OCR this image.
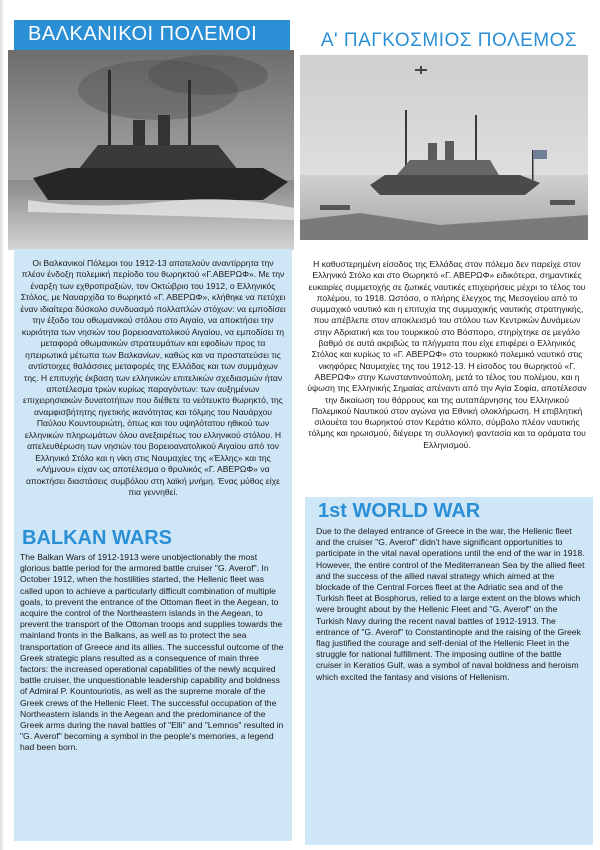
ΒΑΛΚΑΝΙΚΟΙ ΠΟΛΕΜΟΙ	Α' ΠΑΓΚΟΣΜΙΟΣ ΠΟΛΕΜΟΣ
Οι Βαλκανικοί Πόλεμοι του 1912-13 αποτελούν αναντίρρητα την πλέον ένδοξη πολεμική περίοδο του θωρηκτού «Γ.ΑΒΕΡΩΦ». Με την έναρξη των εχθροπραξιών, τον Οκτώβριο του 1912, ο Ελληνικός Στόλος, με Ναυαρχίδα το θωρηκτό «Γ. ΑΒΕΡΩΦ», κλήθηκε να πετύχει έναν ιδιαίτερα δύσκολο συνδυασμό πολλαπλών στόχων: να εμποδίσει την έξοδο του οθωμανικού στόλου στο Αιγαίο, να αποκτήσει την κυριότητα των νησιών του βορειοανατολικού Αιγαίου, να εμποδίσει τη μεταφορά οθωμανικών στρατευμάτων και εφοδίων προς τα ηπειρωτικά μέτωπα των Βαλκανίων, καθώς και να προστατεύσει τις αντίστοιχες θαλάσσιες μεταφορές της Ελλάδας και των συμμάχων της. Η επιτυχής έκβαση των ελληνικών επιτελικών σχεδιασμών ήταν αποτέλεσμα τριών κυρίως παραγόντων: των αυξημένων επιχειρησιακών δυνατοτήτων που διέθετε το νεότευκτο θωρηκτό, της αναμφισβήτητης ηγετικής ικανότητας και τόλμης του Ναυάρχου Παύλου Κουντουριώτη, όπως και του υψηλότατου ηθικού των ελληνικών πληρωμάτων όλου ανεξαιρέτως του ελληνικού στόλου. Η απελευθέρωση των νησιών του βορειοανατολικού Αιγαίου από τον Ελληνικό Στόλο και η νίκη στις Ναυμαχίες της «Έλλης» και της «Λήμνου» είχαν ως αποτέλεσμα ο θρυλικός «Γ. ΑΒΕΡΩΦ» να αποκτήσει διαστάσεις συμβόλου στη λαϊκή μνήμη. Ένας μύθος είχε πια γεννηθεί.
BALKAN WARS
The Balkan Wars of 1912-1913 were unobjectionably the most glorious battle period for the armored battle cruiser "G. Averof". In October 1912, when the hostilities started, the Hellenic fleet was called upon to achieve a particularly difficult combination of multiple goals, to prevent the entrance of the Ottoman fleet in the Aegean, to acquire the control of the Northeastern islands in the Aegean, to prevent the transport of the Ottoman troops and supplies towards the mainland fronts in the Balkans, as well as to protect the sea transportation of Greece and its allies. The successful outcome of the Greek strategic plans resulted as a consequence of main three factors: the increased operational capabilities of the newly acquired battle cruiser, the unquestionable leadership capability and boldness of Admiral P. Kountouriotis, as well as the supreme morale of the Greek crews of the Hellenic Fleet. The successful occupation of the Northeastern islands in the Aegean and the predominance of the Greek arms during the naval battles of "Elli" and "Lemnos" resulted in "G. Averof" becoming a symbol in the people's memories, a legend had been born.
Η καθυστερημένη είσοδος της Ελλάδας στον πόλεμο δεν παρείχε στον Ελληνικό Στόλο και στο Θωρηκτό «Γ. ΑΒΕΡΩΦ» ειδικότερα, σημαντικές ευκαιρίες συμμετοχής σε ζωτικές ναυτικές επιχειρήσεις μέχρι το τέλος του πολέμου, το 1918. Ωστόσο, ο πλήρης έλεγχος της Μεσογείου από το συμμαχικό ναυτικό και η επιτυχία της συμμαχικής ναυτικής στρατηγικής, που απέβλεπε στον αποκλεισμό του στόλου των Κεντρικών Δυνάμεων στην Αδριατική και του τουρκικού στο Βόσπορο, στηρίχτηκε σε μεγάλο βαθμό σε αυτά ακριβώς τα πλήγματα που είχε επιφέρει ο Ελληνικός Στόλος και κυρίως το «Γ. ΑΒΕΡΩΦ» στο τουρκικό πολεμικό ναυτικό στις νικηφόρες Ναυμαχίες της του 1912-13. Η είσοδος του θωρηκτού «Γ. ΑΒΕΡΩΦ» στην Κωνσταντινούπολη, μετά το τέλος του πολέμου, και η ύψωση της Ελληνικής Σημαίας απέναντι από την Αγία Σοφία, αποτέλεσαν την δικαίωση του θάρρους και της αυταπάρνησης του Ελληνικού Πολεμικού Ναυτικού στον αγώνα για Εθνική ολοκλήρωση. Η επιβλητική σιλουέτα του θωρηκτού στον Κεράτιο κόλπο, σύμβολο πλέον ναυτικής τόλμης και ηρωισμού, διέγειρε τη συλλογική φαντασία και τα οράματα του Ελληνισμού.
1st WORLD WAR
Due to the delayed entrance of Greece in the war, the Hellenic fleet and the cruiser "G. Averof" didn't have significant opportunities to participate in the vital naval operations until the end of the war in 1918. However, the entire control of the Mediterranean Sea by the allied fleet and the success of the allied naval strategy which aimed at the blockade of the Central Forces fleet at the Adriatic sea and of the Turkish fleet at Bosphorus, relied to a large extent on the blows which were brought about by the Hellenic Fleet and "G. Averof" on the Turkish Navy during the recent naval battles of 1912-1913. The entrance of "G. Averof" to Constantinople and the raising of the Greek flag justified the courage and self-denial of the Hellenic Fleet in the struggle for national fulfillment. The imposing outline of the battle cruiser in Keratios Gulf, was a symbol of naval boldness and heroism which excited the fantasy and visions of Hellenism.
